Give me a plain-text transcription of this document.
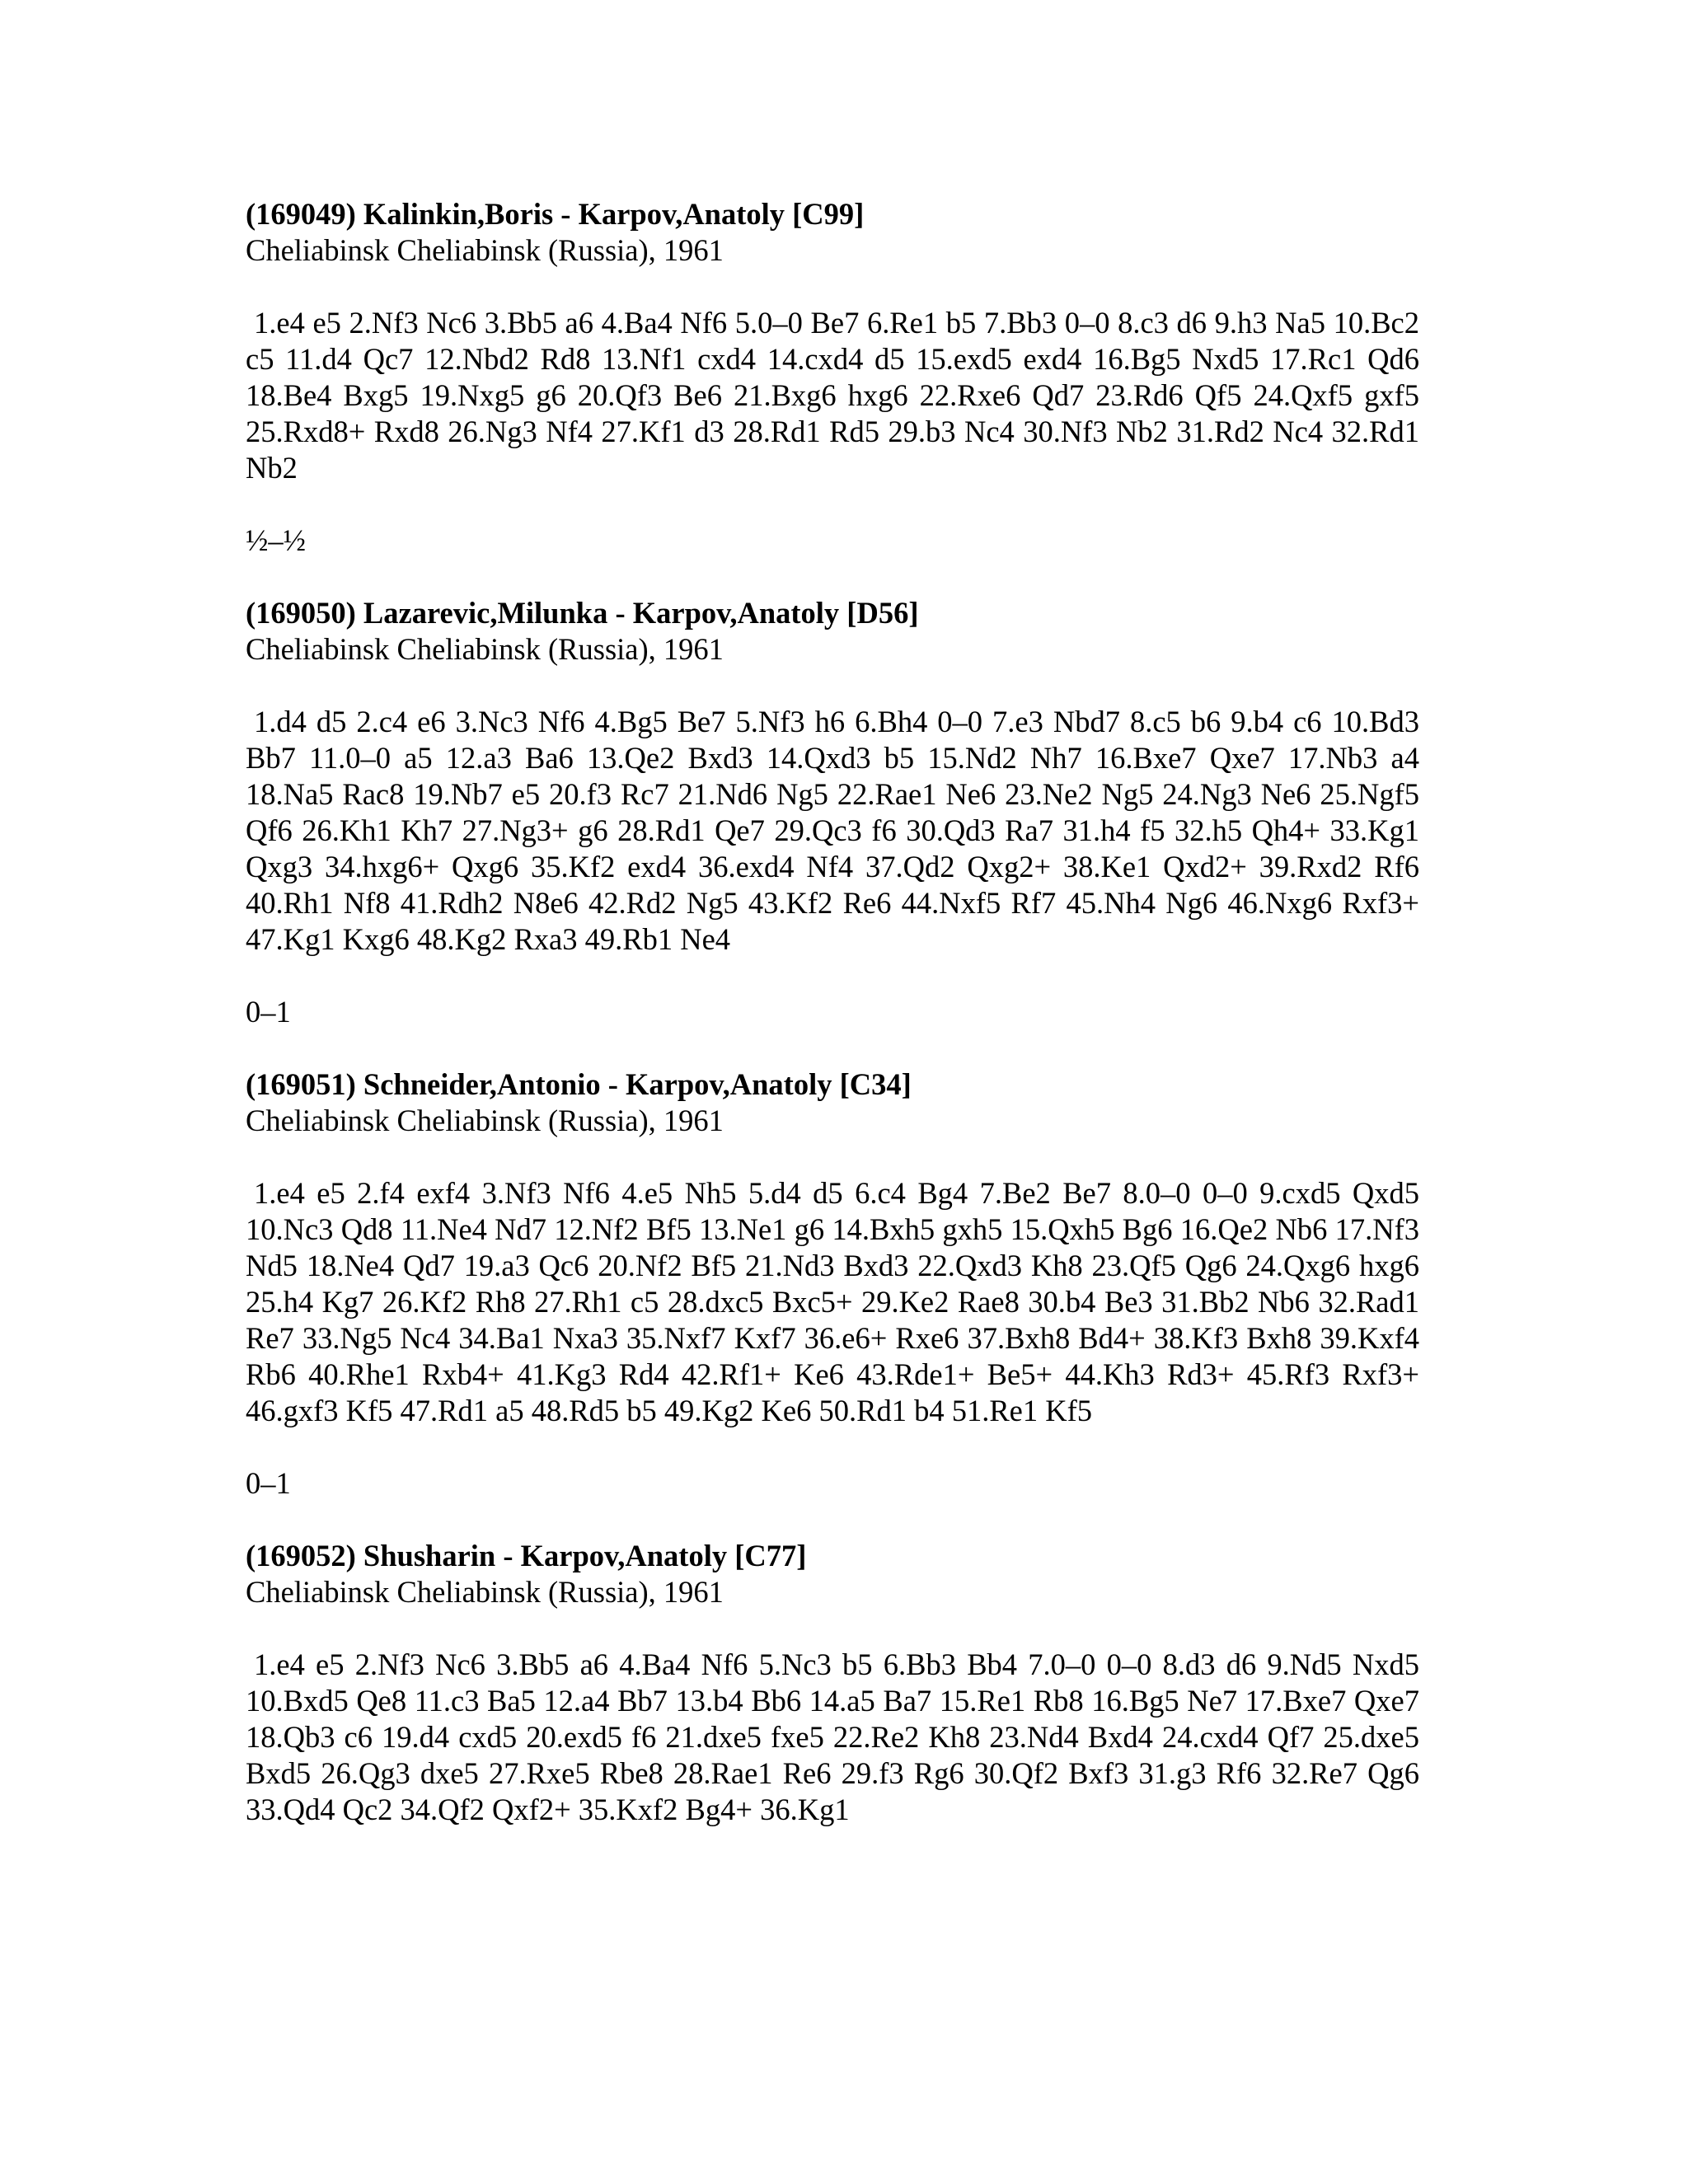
(169049) Kalinkin,Boris - Karpov,Anatoly [C99]

Cheliabinsk Cheliabinsk (Russia), 1961

1.e4 e5 2.Nf3 Nc6 3.Bb5 a6 4.Ba4 Nf6 5.0–0 Be7 6.Re1 b5 7.Bb3 0–0 8.c3 d6 9.h3 Na5 10.Bc2 c5 11.d4 Qc7 12.Nbd2 Rd8 13.Nf1 cxd4 14.cxd4 d5 15.exd5 exd4 16.Bg5 Nxd5 17.Rc1 Qd6 18.Be4 Bxg5 19.Nxg5 g6 20.Qf3 Be6 21.Bxg6 hxg6 22.Rxe6 Qd7 23.Rd6 Qf5 24.Qxf5 gxf5 25.Rxd8+ Rxd8 26.Ng3 Nf4 27.Kf1 d3 28.Rd1 Rd5 29.b3 Nc4 30.Nf3 Nb2 31.Rd2 Nc4 32.Rd1 Nb2

½–½

(169050) Lazarevic,Milunka - Karpov,Anatoly [D56]

Cheliabinsk Cheliabinsk (Russia), 1961

1.d4 d5 2.c4 e6 3.Nc3 Nf6 4.Bg5 Be7 5.Nf3 h6 6.Bh4 0–0 7.e3 Nbd7 8.c5 b6 9.b4 c6 10.Bd3 Bb7 11.0–0 a5 12.a3 Ba6 13.Qe2 Bxd3 14.Qxd3 b5 15.Nd2 Nh7 16.Bxe7 Qxe7 17.Nb3 a4 18.Na5 Rac8 19.Nb7 e5 20.f3 Rc7 21.Nd6 Ng5 22.Rae1 Ne6 23.Ne2 Ng5 24.Ng3 Ne6 25.Ngf5 Qf6 26.Kh1 Kh7 27.Ng3+ g6 28.Rd1 Qe7 29.Qc3 f6 30.Qd3 Ra7 31.h4 f5 32.h5 Qh4+ 33.Kg1 Qxg3 34.hxg6+ Qxg6 35.Kf2 exd4 36.exd4 Nf4 37.Qd2 Qxg2+ 38.Ke1 Qxd2+ 39.Rxd2 Rf6 40.Rh1 Nf8 41.Rdh2 N8e6 42.Rd2 Ng5 43.Kf2 Re6 44.Nxf5 Rf7 45.Nh4 Ng6 46.Nxg6 Rxf3+ 47.Kg1 Kxg6 48.Kg2 Rxa3 49.Rb1 Ne4

0–1

(169051) Schneider,Antonio - Karpov,Anatoly [C34]

Cheliabinsk Cheliabinsk (Russia), 1961

1.e4 e5 2.f4 exf4 3.Nf3 Nf6 4.e5 Nh5 5.d4 d5 6.c4 Bg4 7.Be2 Be7 8.0–0 0–0 9.cxd5 Qxd5 10.Nc3 Qd8 11.Ne4 Nd7 12.Nf2 Bf5 13.Ne1 g6 14.Bxh5 gxh5 15.Qxh5 Bg6 16.Qe2 Nb6 17.Nf3 Nd5 18.Ne4 Qd7 19.a3 Qc6 20.Nf2 Bf5 21.Nd3 Bxd3 22.Qxd3 Kh8 23.Qf5 Qg6 24.Qxg6 hxg6 25.h4 Kg7 26.Kf2 Rh8 27.Rh1 c5 28.dxc5 Bxc5+ 29.Ke2 Rae8 30.b4 Be3 31.Bb2 Nb6 32.Rad1 Re7 33.Ng5 Nc4 34.Ba1 Nxa3 35.Nxf7 Kxf7 36.e6+ Rxe6 37.Bxh8 Bd4+ 38.Kf3 Bxh8 39.Kxf4 Rb6 40.Rhe1 Rxb4+ 41.Kg3 Rd4 42.Rf1+ Ke6 43.Rde1+ Be5+ 44.Kh3 Rd3+ 45.Rf3 Rxf3+ 46.gxf3 Kf5 47.Rd1 a5 48.Rd5 b5 49.Kg2 Ke6 50.Rd1 b4 51.Re1 Kf5

0–1

(169052) Shusharin - Karpov,Anatoly [C77]

Cheliabinsk Cheliabinsk (Russia), 1961

1.e4 e5 2.Nf3 Nc6 3.Bb5 a6 4.Ba4 Nf6 5.Nc3 b5 6.Bb3 Bb4 7.0–0 0–0 8.d3 d6 9.Nd5 Nxd5 10.Bxd5 Qe8 11.c3 Ba5 12.a4 Bb7 13.b4 Bb6 14.a5 Ba7 15.Re1 Rb8 16.Bg5 Ne7 17.Bxe7 Qxe7 18.Qb3 c6 19.d4 cxd5 20.exd5 f6 21.dxe5 fxe5 22.Re2 Kh8 23.Nd4 Bxd4 24.cxd4 Qf7 25.dxe5 Bxd5 26.Qg3 dxe5 27.Rxe5 Rbe8 28.Rae1 Re6 29.f3 Rg6 30.Qf2 Bxf3 31.g3 Rf6 32.Re7 Qg6 33.Qd4 Qc2 34.Qf2 Qxf2+ 35.Kxf2 Bg4+ 36.Kg1
